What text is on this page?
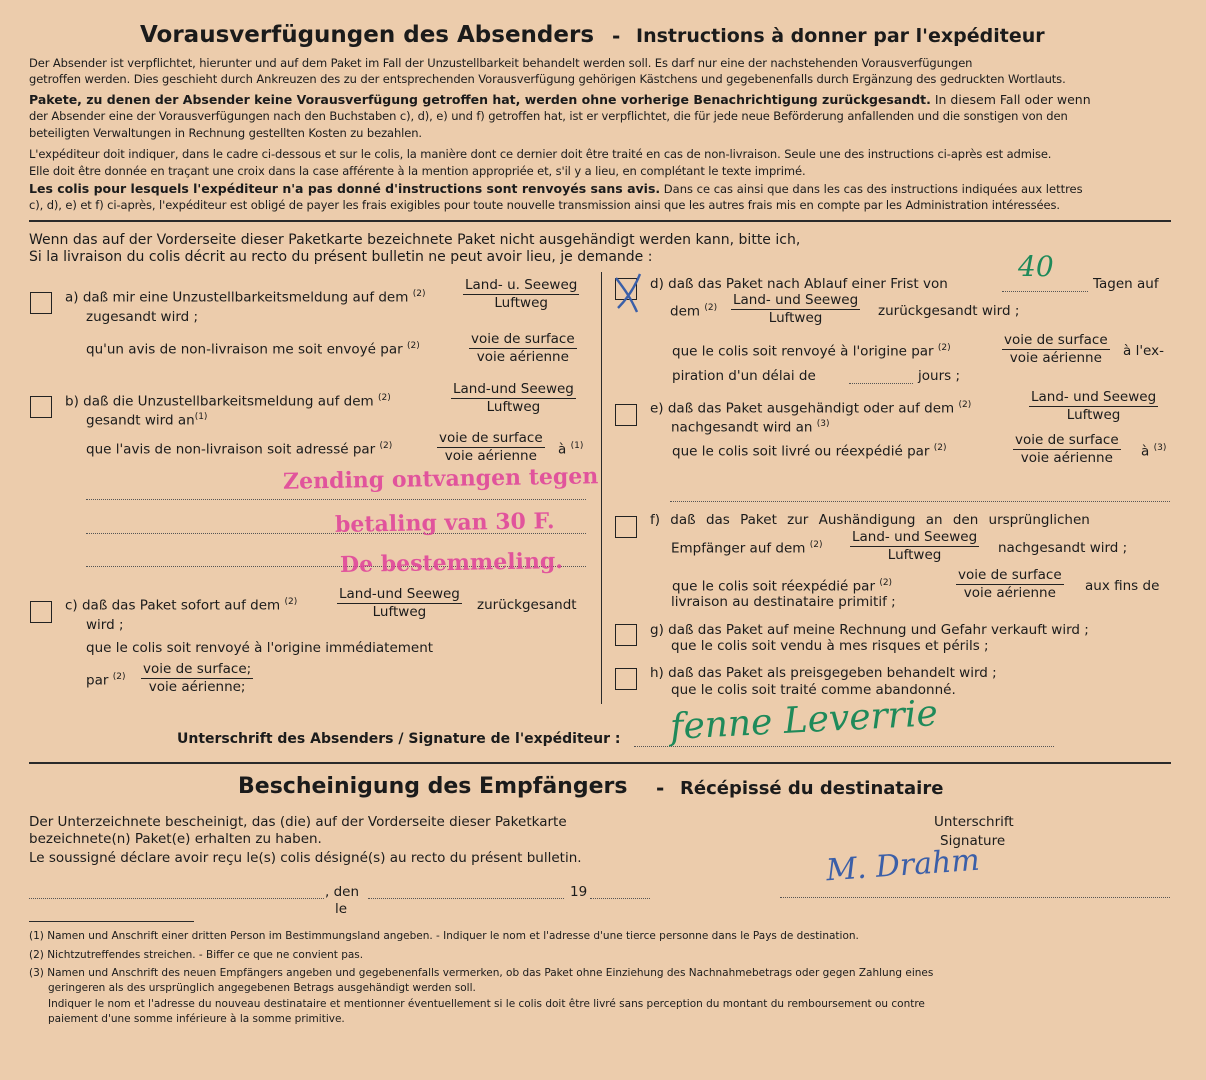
Vorausverfügungen des Absenders - Instructions à donner par l'expéditeur
Der Absender ist verpflichtet, hierunter und auf dem Paket im Fall der Unzustellbarkeit behandelt werden soll. Es darf nur eine der nachstehenden Vorausverfügungen
getroffen werden. Dies geschieht durch Ankreuzen des zu der entsprechenden Vorausverfügung gehörigen Kästchens und gegebenenfalls durch Ergänzung des gedruckten Wortlauts.
Pakete, zu denen der Absender keine Vorausverfügung getroffen hat, werden ohne vorherige Benachrichtigung zurückgesandt. In diesem Fall oder wenn
der Absender eine der Vorausverfügungen nach den Buchstaben c), d), e) und f) getroffen hat, ist er verpflichtet, die für jede neue Beförderung anfallenden und die sonstigen von den
beteiligten Verwaltungen in Rechnung gestellten Kosten zu bezahlen.
L'expéditeur doit indiquer, dans le cadre ci-dessous et sur le colis, la manière dont ce dernier doit être traité en cas de non-livraison. Seule une des instructions ci-après est admise.
Elle doit être donnée en traçant une croix dans la case afférente à la mention appropriée et, s'il y a lieu, en complétant le texte imprimé.
Les colis pour lesquels l'expéditeur n'a pas donné d'instructions sont renvoyés sans avis. Dans ce cas ainsi que dans les cas des instructions indiquées aux lettres
c), d), e) et f) ci-après, l'expéditeur est obligé de payer les frais exigibles pour toute nouvelle transmission ainsi que les autres frais mis en compte par les Administration intéressées.
Wenn das auf der Vorderseite dieser Paketkarte bezeichnete Paket nicht ausgehändigt werden kann, bitte ich,
Si la livraison du colis décrit au recto du présent bulletin ne peut avoir lieu, je demande :
a) daß mir eine Unzustellbarkeitsmeldung auf dem $^{(2)}$
Land- u. Seeweg
Luftweg
zugesandt wird ;
qu'un avis de non-livraison me soit envoyé par $^{(2)}$	voie de surface
voie aérienne
b) daß die Unzustellbarkeitsmeldung auf dem $^{(2)}$
Land-und Seeweg
Luftweg
gesandt wird $an^{(1)}$
que l'avis de non-livraison soit adressé par $^{(2)}$	voie de surface
voie aérienne à $^{(1)}$
Zending ontvangen tegen
betaling van 30 F.
De bestemmeling.
c) daß das Paket sofort auf dem $^{(2)}$	Land-und Seeweg
Luftweg	zurückgesandt
wird ;
que le colis soit renvoyé à l'origine immédiatement
par $^{(2)}$ voie de surface;
voie aérienne;
d) daß das Paket nach Ablauf einer Frist von
40
Tagen auf
dem $^{(2)}$ Land- und Seeweg
Luftweg	zurückgesandt wird ;
que le colis soit renvoyé à l'origine par $^{(2)}$	voie de surface
voie aérienne à l'ex-
piration d'un délai de	jours ;
e) daß das Paket ausgehändigt oder auf dem $^{(2)}$	Land- und Seeweg
Luftweg
nachgesandt wird an $^{(3)}$
que le colis soit livré ou réexpédié par $^{(2)}$	voie de surface
voie aérienne à $^{(3)}$
f) daß das Paket zur Aushändigung an den ursprünglichen
Empfänger auf dem $^{(2)}$ Land- und Seeweg
Luftweg	nachgesandt wird ;
que le colis soit réexpédié par $^{(2)}$	voie de surface
voie aérienne aux fins de
livraison au destinataire primitif ;
g) daß das Paket auf meine Rechnung und Gefahr verkauft wird ;
que le colis soit vendu à mes risques et périls ;
h) daß das Paket als preisgegeben behandelt wird ;
que le colis soit traité comme abandonné.
Unterschrift des Absenders / Signature de l'expéditeur : fenne Leverrie
Bescheinigung des Empfängers - Récépissé du destinataire
Der Unterzeichnete bescheinigt, das (die) auf der Vorderseite dieser Paketkarte
bezeichnete(n) Paket(e) erhalten zu haben.
Le soussigné déclare avoir reçu le(s) colis désigné(s) au recto du présent bulletin.
Unterschrift
Signature
M. Drahm
, den
le
19
(1) Namen und Anschrift einer dritten Person im Bestimmungsland angeben. - Indiquer le nom et l'adresse d'une tierce personne dans le Pays de destination.
(2) Nichtzutreffendes streichen. - Biffer ce que ne convient pas.
(3) Namen und Anschrift des neuen Empfängers angeben und gegebenenfalls vermerken, ob das Paket ohne Einziehung des Nachnahmebetrags oder gegen Zahlung eines
geringeren als des ursprünglich angegebenen Betrags ausgehändigt werden soll.
Indiquer le nom et l'adresse du nouveau destinataire et mentionner éventuellement si le colis doit être livré sans perception du montant du remboursement ou contre
paiement d'une somme inférieure à la somme primitive.
